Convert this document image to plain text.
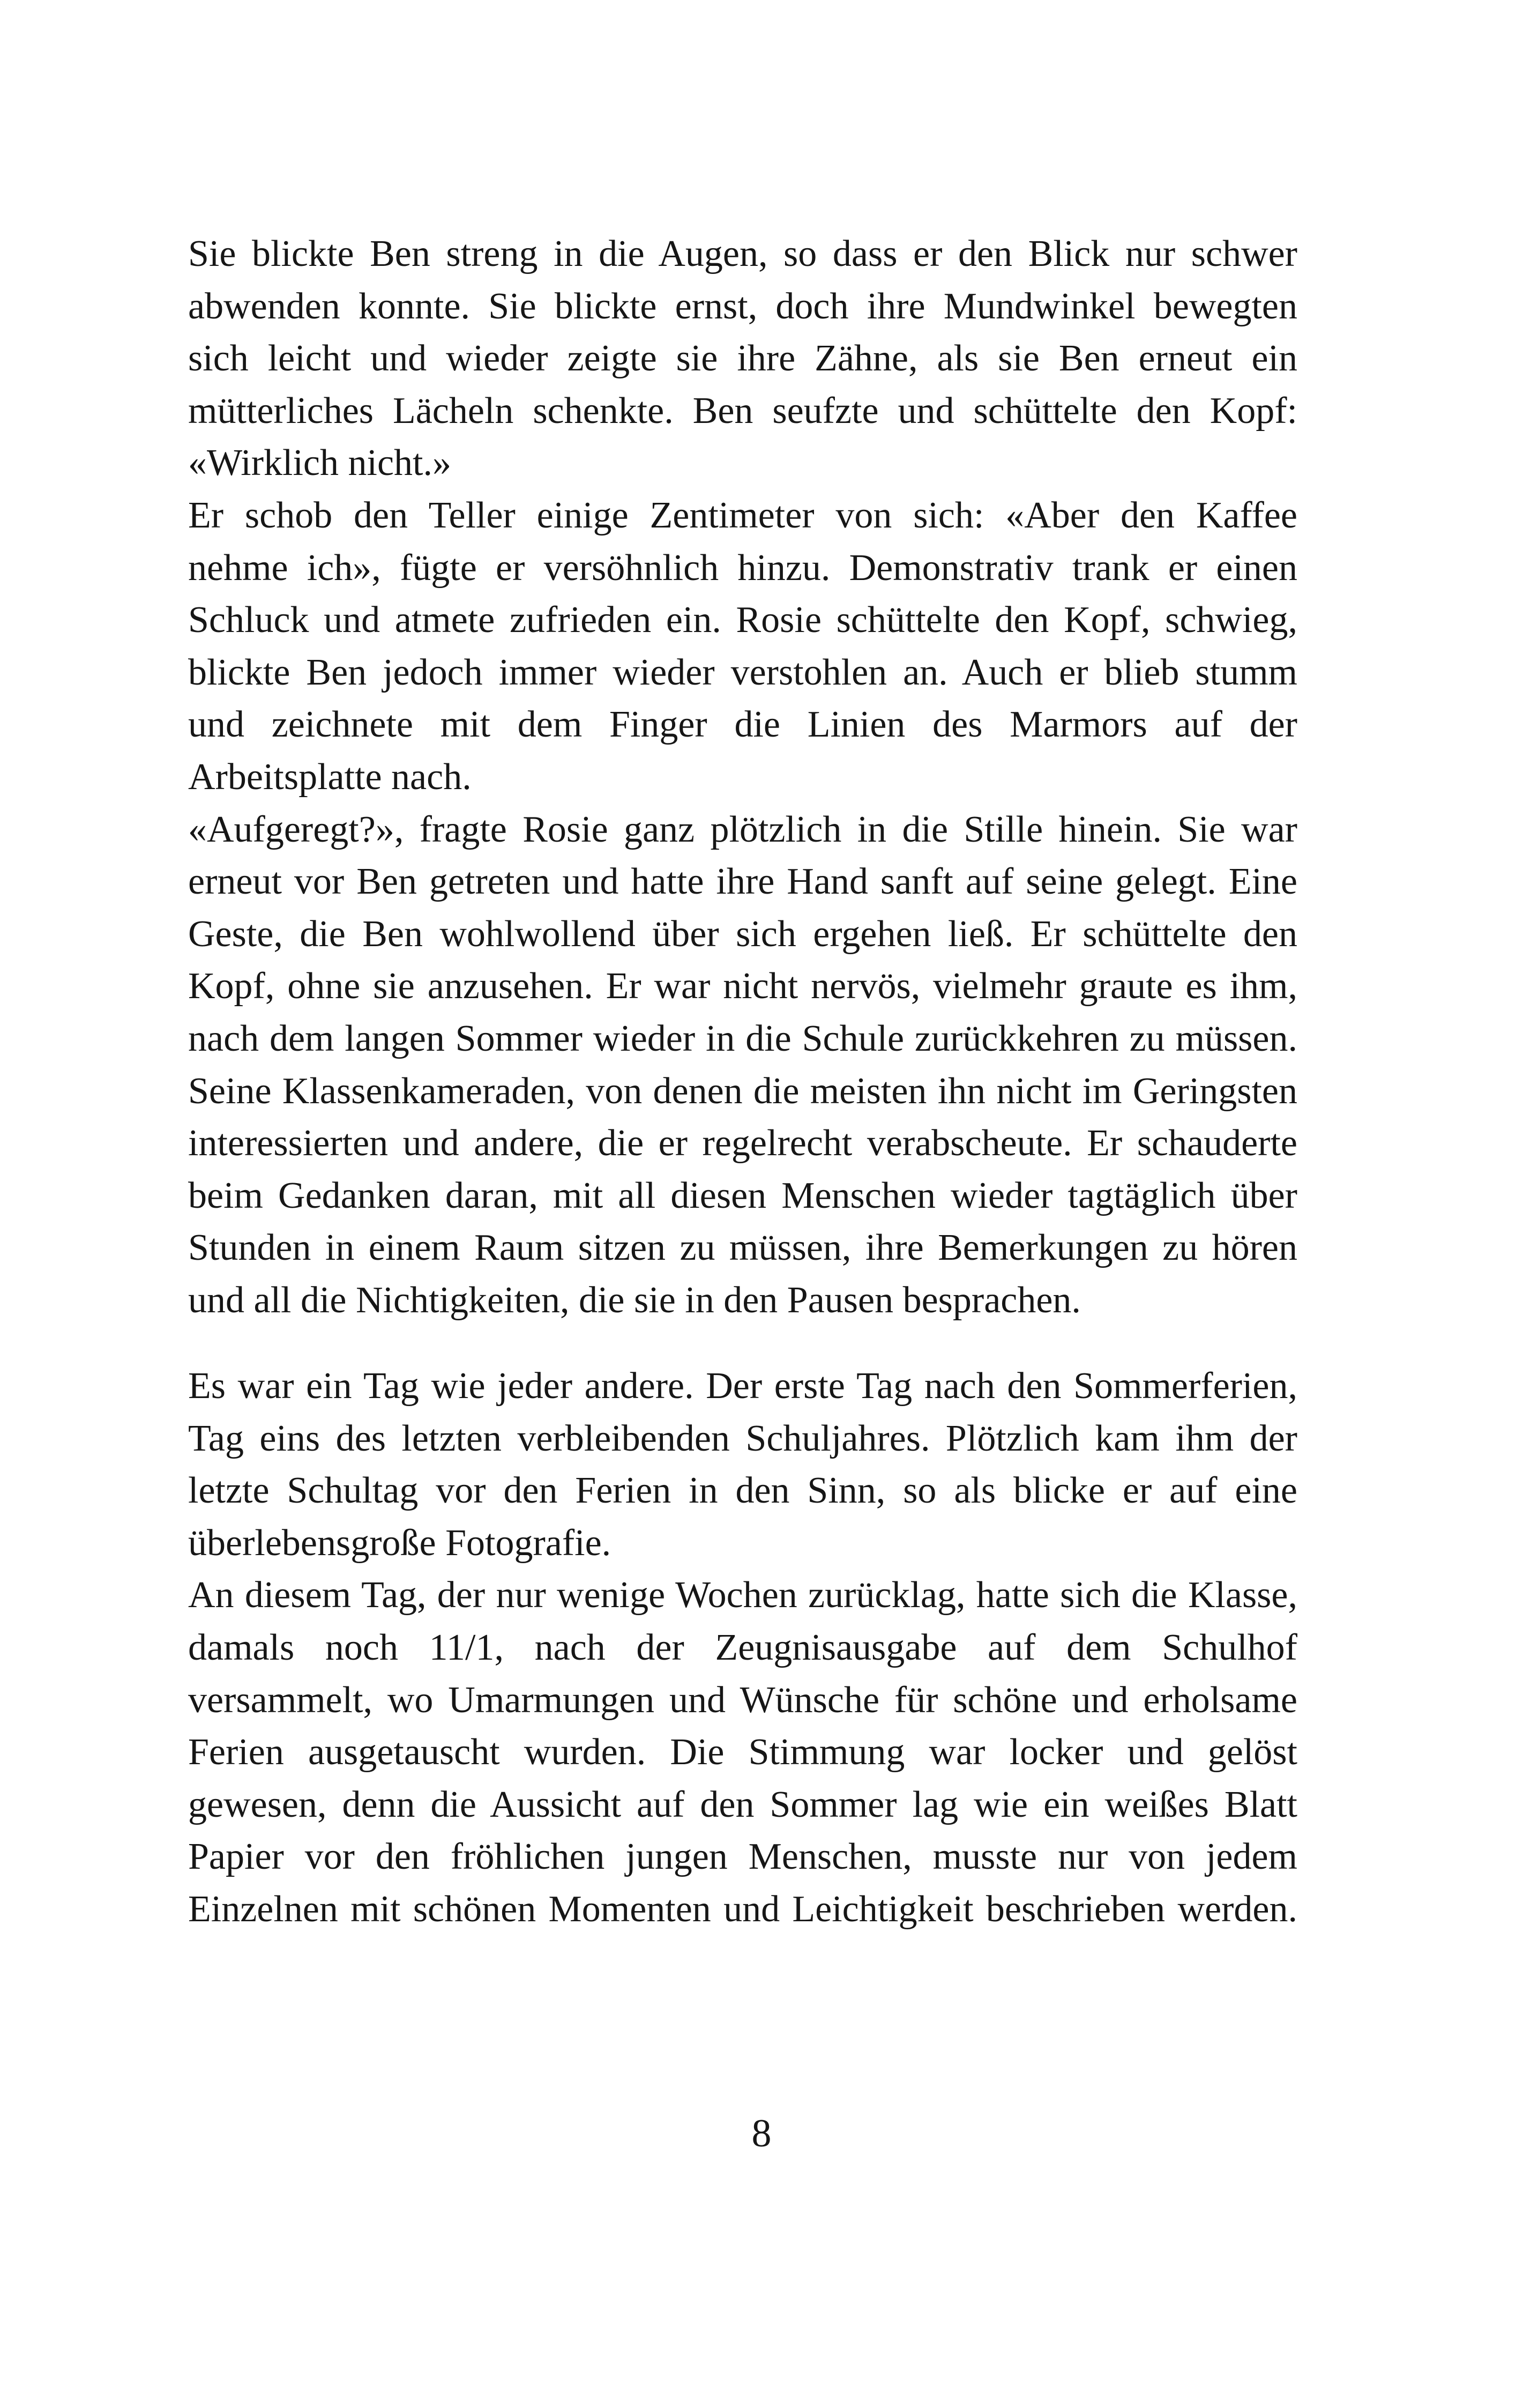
Sie blickte Ben streng in die Augen, so dass er den Blick nur schwer
abwenden konnte. Sie blickte ernst, doch ihre Mundwinkel bewegten
sich leicht und wieder zeigte sie ihre Zähne, als sie Ben erneut ein
mütterliches Lächeln schenkte. Ben seufzte und schüttelte den Kopf:
«Wirklich nicht.»
Er schob den Teller einige Zentimeter von sich: «Aber den Kaffee
nehme ich», fügte er versöhnlich hinzu. Demonstrativ trank er einen
Schluck und atmete zufrieden ein. Rosie schüttelte den Kopf, schwieg,
blickte Ben jedoch immer wieder verstohlen an. Auch er blieb stumm
und zeichnete mit dem Finger die Linien des Marmors auf der
Arbeitsplatte nach.
«Aufgeregt?», fragte Rosie ganz plötzlich in die Stille hinein. Sie war
erneut vor Ben getreten und hatte ihre Hand sanft auf seine gelegt. Eine
Geste, die Ben wohlwollend über sich ergehen ließ. Er schüttelte den
Kopf, ohne sie anzusehen. Er war nicht nervös, vielmehr graute es ihm,
nach dem langen Sommer wieder in die Schule zurückkehren zu müssen.
Seine Klassenkameraden, von denen die meisten ihn nicht im Geringsten
interessierten und andere, die er regelrecht verabscheute. Er schauderte
beim Gedanken daran, mit all diesen Menschen wieder tagtäglich über
Stunden in einem Raum sitzen zu müssen, ihre Bemerkungen zu hören
und all die Nichtigkeiten, die sie in den Pausen besprachen.
Es war ein Tag wie jeder andere. Der erste Tag nach den Sommerferien,
Tag eins des letzten verbleibenden Schuljahres. Plötzlich kam ihm der
letzte Schultag vor den Ferien in den Sinn, so als blicke er auf eine
überlebensgroße Fotografie.
An diesem Tag, der nur wenige Wochen zurücklag, hatte sich die Klasse,
damals noch 11/1, nach der Zeugnisausgabe auf dem Schulhof
versammelt, wo Umarmungen und Wünsche für schöne und erholsame
Ferien ausgetauscht wurden. Die Stimmung war locker und gelöst
gewesen, denn die Aussicht auf den Sommer lag wie ein weißes Blatt
Papier vor den fröhlichen jungen Menschen, musste nur von jedem
Einzelnen mit schönen Momenten und Leichtigkeit beschrieben werden.
8
